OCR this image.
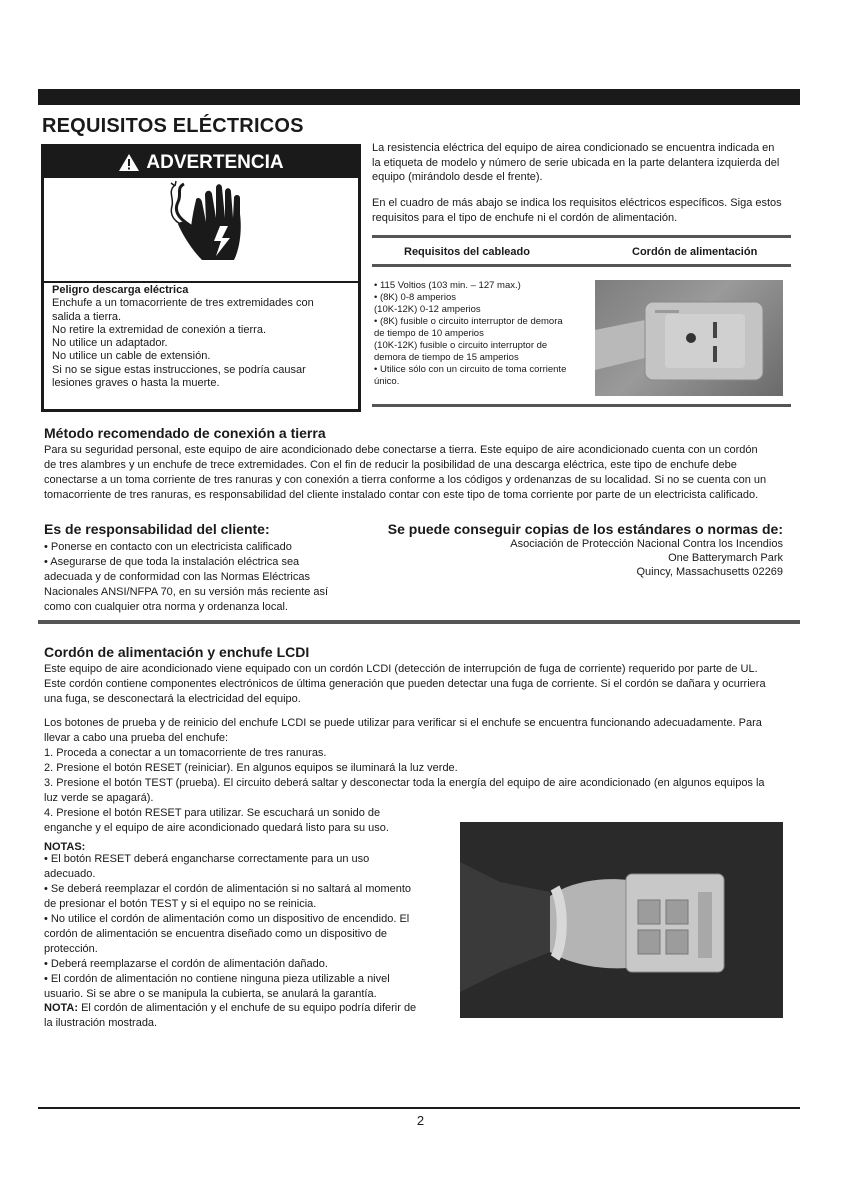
REQUISITOS ELÉCTRICOS
ADVERTENCIA
Peligro descarga eléctrica
Enchufe a un tomacorriente de tres extremidades con
salida a tierra.
No retire la extremidad de conexión a tierra.
No utilice un adaptador.
No utilice un cable de extensión.
Si no se sigue estas instrucciones, se podría causar
lesiones graves o hasta la muerte.
La resistencia eléctrica del equipo de airea condicionado se encuentra indicada en
la etiqueta de modelo y número de serie ubicada en la parte delantera izquierda del
equipo (mirándolo desde el frente).
En el cuadro de más abajo se indica los requisitos eléctricos específicos. Siga estos
requisitos para el tipo de enchufe ni el cordón de alimentación.
Requisitos del cableado	Cordón de alimentación
• 115 Voltios (103 min. – 127 max.)
• (8K) 0-8 amperios
(10K-12K) 0-12 amperios
• (8K) fusible o circuito interruptor de demora
de tiempo de 10 amperios
(10K-12K) fusible o circuito interruptor de
demora de tiempo de 15 amperios
• Utilice sólo con un circuito de toma corriente
único.
Método recomendado de conexión a tierra
Para su seguridad personal, este equipo de aire acondicionado debe conectarse a tierra. Este equipo de aire acondicionado cuenta con un cordón
de tres alambres y un enchufe de trece extremidades. Con el fin de reducir la posibilidad de una descarga eléctrica, este tipo de enchufe debe
conectarse a un toma corriente de tres ranuras y con conexión a tierra conforme a los códigos y ordenanzas de su localidad. Si no se cuenta con un
tomacorriente de tres ranuras, es responsabilidad del cliente instalado contar con este tipo de toma corriente por parte de un electricista calificado.
Es de responsabilidad del cliente:
• Ponerse en contacto con un electricista calificado
• Asegurarse de que toda la instalación eléctrica sea
adecuada y de conformidad con las Normas Eléctricas
Nacionales ANSI/NFPA 70, en su versión más reciente así
como con cualquier otra norma y ordenanza local.
Se puede conseguir copias de los estándares o normas de:
Asociación de Protección Nacional Contra los Incendios
One Batterymarch Park
Quincy, Massachusetts 02269
Cordón de alimentación y enchufe LCDI
Este equipo de aire acondicionado viene equipado con un cordón LCDI (detección de interrupción de fuga de corriente) requerido por parte de UL.
Este cordón contiene componentes electrónicos de última generación que pueden detectar una fuga de corriente. Si el cordón se dañara y ocurriera
una fuga, se desconectará la electricidad del equipo.
Los botones de prueba y de reinicio del enchufe LCDI se puede utilizar para verificar si el enchufe se encuentra funcionando adecuadamente. Para
llevar a cabo una prueba del enchufe:
1. Proceda a conectar a un tomacorriente de tres ranuras.
2. Presione el botón RESET (reiniciar). En algunos equipos se iluminará la luz verde.
3. Presione el botón TEST (prueba). El circuito deberá saltar y desconectar toda la energía del equipo de aire acondicionado (en algunos equipos la
luz verde se apagará).
4. Presione el botón RESET para utilizar. Se escuchará un sonido de
enganche y el equipo de aire acondicionado quedará listo para su uso.
NOTAS:
• El botón RESET deberá engancharse correctamente para un uso
adecuado.
• Se deberá reemplazar el cordón de alimentación si no saltará al momento
de presionar el botón TEST y si el equipo no se reinicia.
• No utilice el cordón de alimentación como un dispositivo de encendido. El
cordón de alimentación se encuentra diseñado como un dispositivo de
protección.
• Deberá reemplazarse el cordón de alimentación dañado.
• El cordón de alimentación no contiene ninguna pieza utilizable a nivel
usuario. Si se abre o se manipula la cubierta, se anulará la garantía.
NOTA: El cordón de alimentación y el enchufe de su equipo podría diferir de
la ilustración mostrada.
2
